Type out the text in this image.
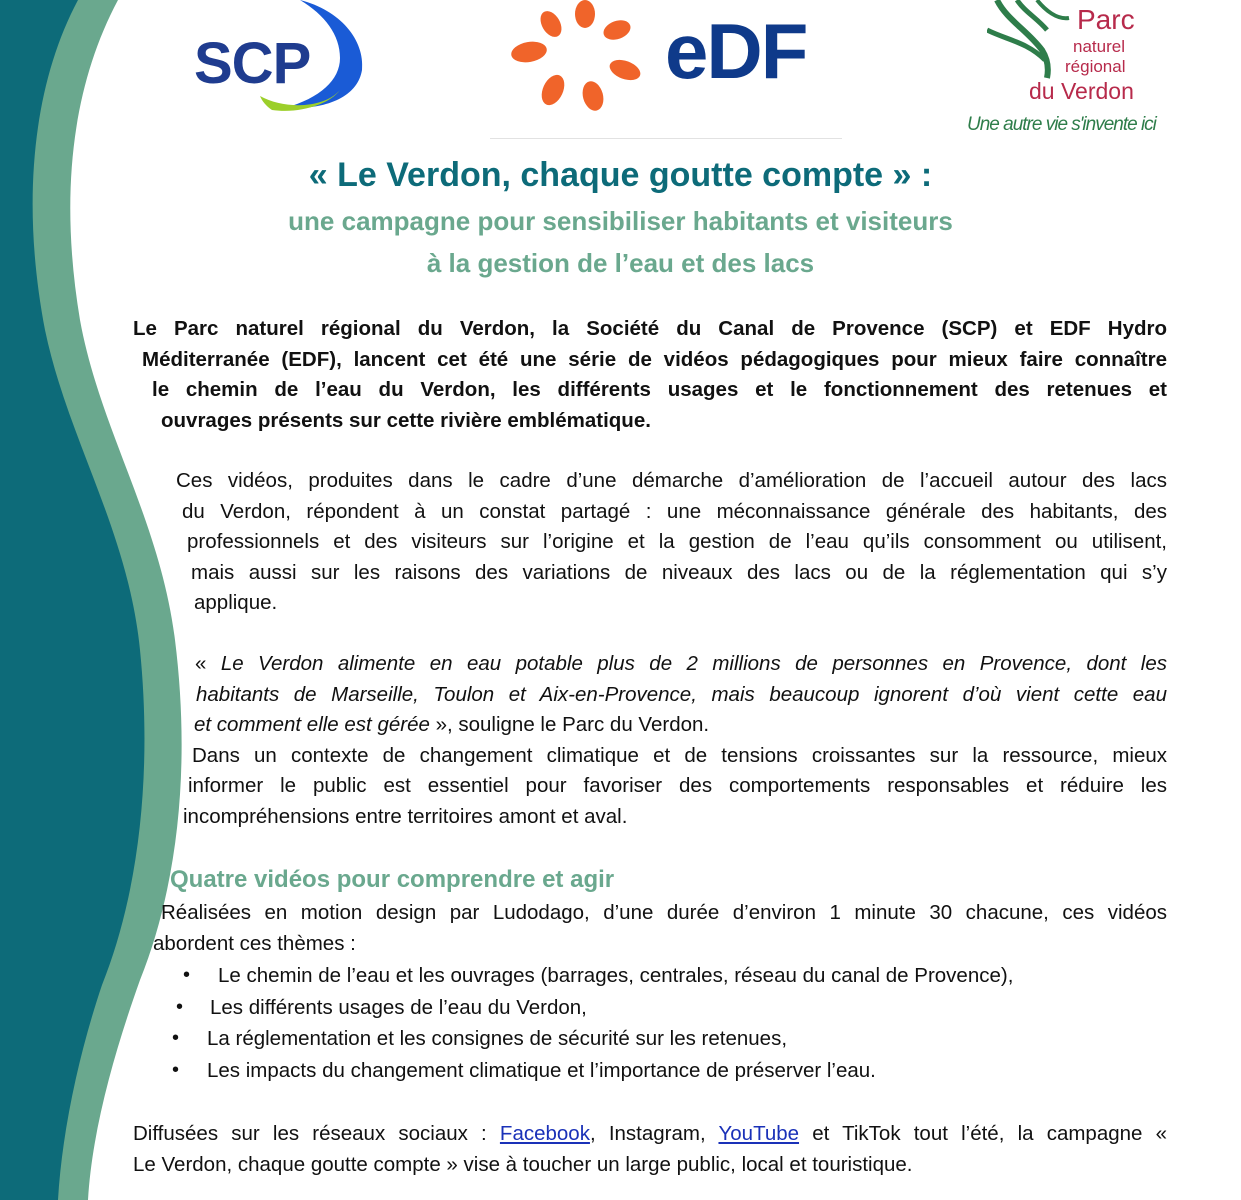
SCP	eDF	Parc
naturel
régional
du Verdon
Une autre vie s'invente ici
« Le Verdon, chaque goutte compte » :
une campagne pour sensibiliser habitants et visiteurs
à la gestion de l’eau et des lacs
Le Parc naturel régional du Verdon, la Société du Canal de Provence (SCP) et EDF Hydro
Méditerranée (EDF), lancent cet été une série de vidéos pédagogiques pour mieux faire connaître
le chemin de l’eau du Verdon, les différents usages et le fonctionnement des retenues et
ouvrages présents sur cette rivière emblématique.
Ces vidéos, produites dans le cadre d’une démarche d’amélioration de l’accueil autour des lacs
du Verdon, répondent à un constat partagé : une méconnaissance générale des habitants, des
professionnels et des visiteurs sur l’origine et la gestion de l’eau qu’ils consomment ou utilisent,
mais aussi sur les raisons des variations de niveaux des lacs ou de la réglementation qui s’y
applique.
« Le Verdon alimente en eau potable plus de 2 millions de personnes en Provence, dont les
habitants de Marseille, Toulon et Aix-en-Provence, mais beaucoup ignorent d’où vient cette eau
et comment elle est gérée », souligne le Parc du Verdon.
Dans un contexte de changement climatique et de tensions croissantes sur la ressource, mieux
informer le public est essentiel pour favoriser des comportements responsables et réduire les
incompréhensions entre territoires amont et aval.
Quatre vidéos pour comprendre et agir
Réalisées en motion design par Ludodago, d’une durée d’environ 1 minute 30 chacune, ces vidéos
abordent ces thèmes :
• Le chemin de l’eau et les ouvrages (barrages, centrales, réseau du canal de Provence),
• Les différents usages de l’eau du Verdon,
• La réglementation et les consignes de sécurité sur les retenues,
• Les impacts du changement climatique et l’importance de préserver l’eau.
Diffusées sur les réseaux sociaux : Facebook, Instagram, YouTube et TikTok tout l’été, la campagne «
Le Verdon, chaque goutte compte » vise à toucher un large public, local et touristique.
